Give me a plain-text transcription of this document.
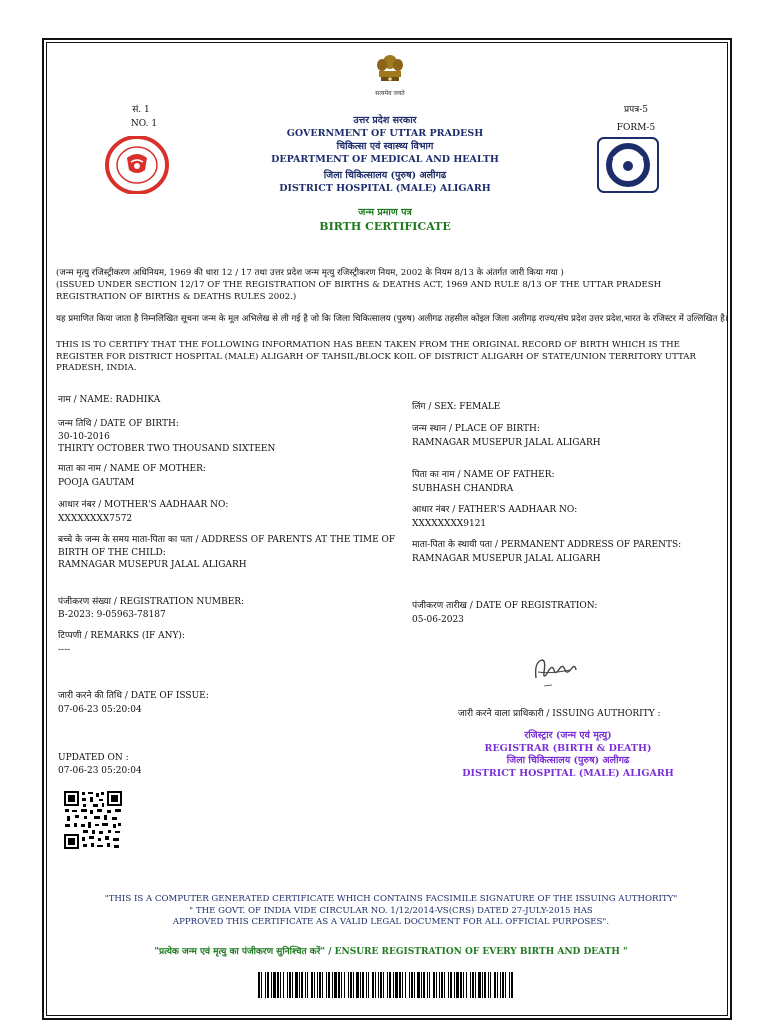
सत्यमेव जयते
सं. 1
NO. 1	उत्तर प्रदेश सरकार
GOVERNMENT OF UTTAR PRADESH
चिकित्सा एवं स्वास्थ्य विभाग
DEPARTMENT OF MEDICAL AND HEALTH
जिला चिकित्सालय (पुरुष) अलीगढ
DISTRICT HOSPITAL (MALE) ALIGARH
जन्म प्रमाण पत्र
BIRTH CERTIFICATE
प्रपत्र-5
FORM-5
(जन्म मृत्यु रजिस्ट्रीकरण अधिनियम, 1969 की धारा 12 / 17 तथा उत्तर प्रदेश जन्म मृत्यु रजिस्ट्रीकरण नियम, 2002 के नियम 8/13 के अंतर्गत जारी किया गया )
(ISSUED UNDER SECTION 12/17 OF THE REGISTRATION OF BIRTHS & DEATHS ACT, 1969 AND RULE 8/13 OF THE UTTAR PRADESH REGISTRATION OF BIRTHS & DEATHS RULES 2002.)
यह प्रमाणित किया जाता है निम्नलिखित सूचना जन्म के मूल अभिलेख से ली गई है जो कि जिला चिकित्सालय (पुरुष) अलीगढ तहसील कोइल जिला अलीगढ़ राज्य/संघ प्रदेश उत्तर प्रदेश,भारत के रजिस्टर में उल्लिखित है।
THIS IS TO CERTIFY THAT THE FOLLOWING INFORMATION HAS BEEN TAKEN FROM THE ORIGINAL RECORD OF BIRTH WHICH IS THE REGISTER FOR DISTRICT HOSPITAL (MALE) ALIGARH OF TAHSIL/BLOCK KOIL OF DISTRICT ALIGARH OF STATE/UNION TERRITORY UTTAR PRADESH, INDIA.
नाम / NAME: RADHIKA
जन्म तिथि / DATE OF BIRTH:
30-10-2016
THIRTY OCTOBER TWO THOUSAND SIXTEEN
माता का नाम / NAME OF MOTHER:
POOJA GAUTAM
आधार नंबर / MOTHER'S AADHAAR NO:
XXXXXXXX7572
बच्चे के जन्म के समय माता-पिता का पता / ADDRESS OF PARENTS AT THE TIME OF
BIRTH OF THE CHILD:
RAMNAGAR MUSEPUR JALAL ALIGARH
पंजीकरण संख्या / REGISTRATION NUMBER:
B-2023: 9-05963-78187
टिप्पणी / REMARKS (IF ANY):
----
जारी करने की तिथि / DATE OF ISSUE:
07-06-23 05:20:04
UPDATED ON :
07-06-23 05:20:04
लिंग / SEX: FEMALE
जन्म स्थान / PLACE OF BIRTH:
RAMNAGAR MUSEPUR JALAL ALIGARH
पिता का नाम / NAME OF FATHER:
SUBHASH CHANDRA
आधार नंबर / FATHER'S AADHAAR NO:
XXXXXXXX9121
माता-पिता के स्थायी पता / PERMANENT ADDRESS OF PARENTS:
RAMNAGAR MUSEPUR JALAL ALIGARH
पंजीकरण तारीख / DATE OF REGISTRATION:
05-06-2023
जारी करने वाला प्राधिकारी / ISSUING AUTHORITY :
रजिस्ट्रार (जन्म एवं मृत्यु)
REGISTRAR (BIRTH & DEATH)
जिला चिकित्सालय (पुरुष) अलीगढ
DISTRICT HOSPITAL (MALE) ALIGARH
"THIS IS A COMPUTER GENERATED CERTIFICATE WHICH CONTAINS FACSIMILE SIGNATURE OF THE ISSUING AUTHORITY"
" THE GOVT. OF INDIA VIDE CIRCULAR NO. 1/12/2014-VS(CRS) DATED 27-JULY-2015 HAS
APPROVED THIS CERTIFICATE AS A VALID LEGAL DOCUMENT FOR ALL OFFICIAL PURPOSES".
"प्रत्येक जन्म एवं मृत्यु का पंजीकरण सुनिश्चित करें" / ENSURE REGISTRATION OF EVERY BIRTH AND DEATH "
